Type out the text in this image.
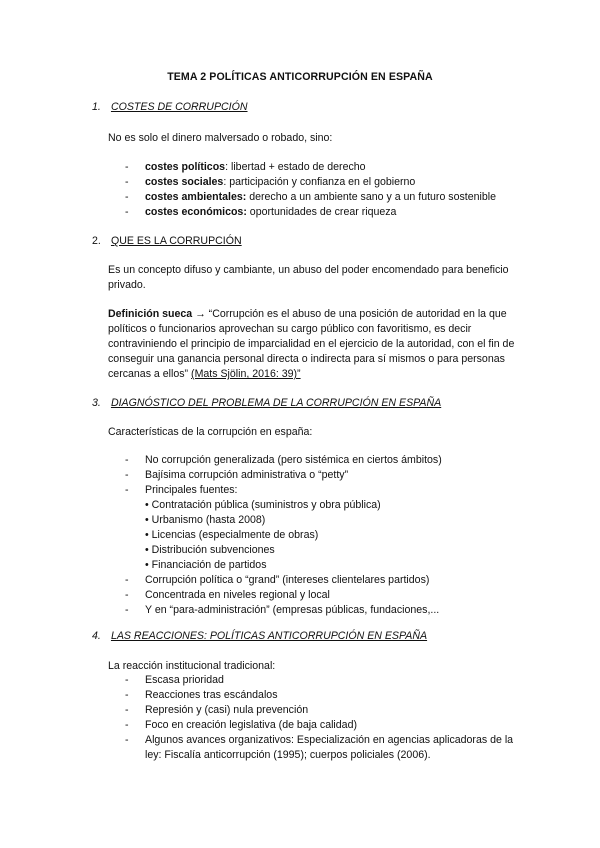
TEMA 2 POLÍTICAS ANTICORRUPCIÓN EN ESPAÑA
1. COSTES DE CORRUPCIÓN
No es solo el dinero malversado o robado, sino:
- costes políticos: libertad + estado de derecho
- costes sociales: participación y confianza en el gobierno
- costes ambientales: derecho a un ambiente sano y a un futuro sostenible
- costes económicos: oportunidades de crear riqueza
2. QUE ES LA CORRUPCIÓN
Es un concepto difuso y cambiante, un abuso del poder encomendado para beneficio privado.
Definición sueca → “Corrupción es el abuso de una posición de autoridad en la que políticos o funcionarios aprovechan su cargo público con favoritismo, es decir contraviniendo el principio de imparcialidad en el ejercicio de la autoridad, con el fin de conseguir una ganancia personal directa o indirecta para sí mismos o para personas cercanas a ellos” (Mats Sjölin, 2016: 39)”
3. DIAGNÓSTICO DEL PROBLEMA DE LA CORRUPCIÓN EN ESPAÑA
Características de la corrupción en españa:
- No corrupción generalizada (pero sistémica en ciertos ámbitos)
- Bajísima corrupción administrativa o “petty”
- Principales fuentes:
• Contratación pública (suministros y obra pública)
• Urbanismo (hasta 2008)
• Licencias (especialmente de obras)
• Distribución subvenciones
• Financiación de partidos
- Corrupción política o “grand” (intereses clientelares partidos)
- Concentrada en niveles regional y local
- Y en “para-administración” (empresas públicas, fundaciones,...
4. LAS REACCIONES: POLÍTICAS ANTICORRUPCIÓN EN ESPAÑA
La reacción institucional tradicional:
- Escasa prioridad
- Reacciones tras escándalos
- Represión y (casi) nula prevención
- Foco en creación legislativa (de baja calidad)
- Algunos avances organizativos: Especialización en agencias aplicadoras de la ley: Fiscalía anticorrupción (1995); cuerpos policiales (2006).
